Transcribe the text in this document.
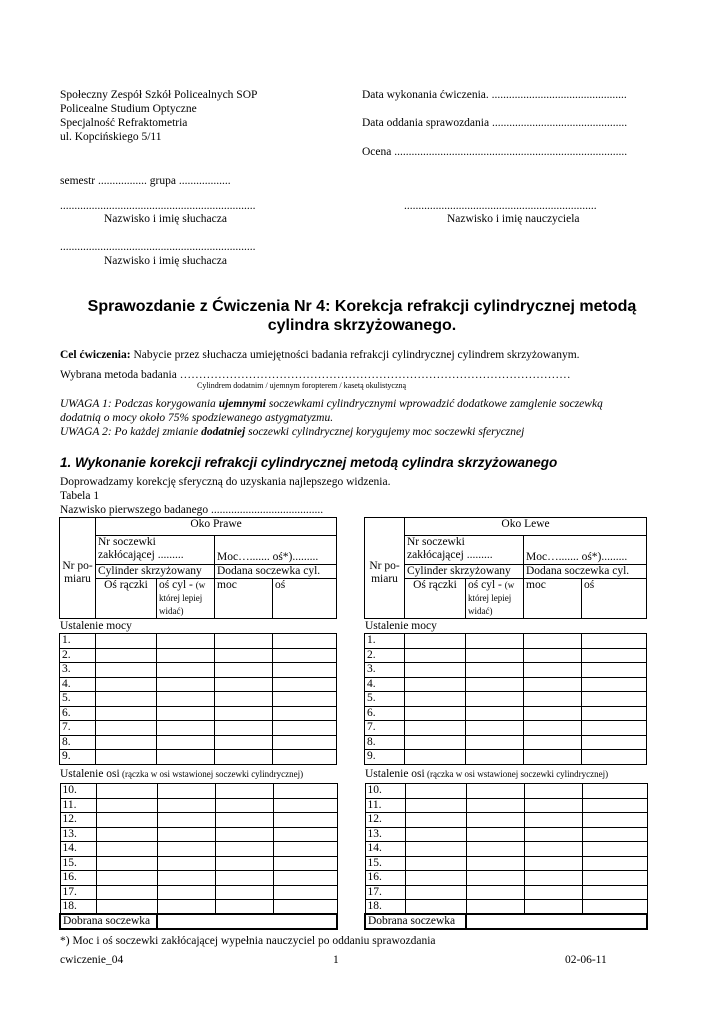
Społeczny Zespół Szkół Policealnych SOP
Policealne Studium Optyczne
Specjalność Refraktometria
ul. Kopcińskiego 5/11
Data wykonania ćwiczenia. ...............................................
Data oddania sprawozdania ...............................................
Ocena .................................................................................
semestr ................. grupa ..................
....................................................................
Nazwisko i imię słuchacza
...................................................................
Nazwisko i imię nauczyciela
....................................................................
Nazwisko i imię słuchacza
Sprawozdanie z Ćwiczenia Nr 4: Korekcja refrakcji cylindrycznej metodą
cylindra skrzyżowanego.
Cel ćwiczenia: Nabycie przez słuchacza umiejętności badania refrakcji cylindrycznej cylindrem skrzyżowanym.
Wybrana metoda badania …………………………………………………………………………………………
Cylindrem dodatnim / ujemnym foropterem / kasetą okulistyczną
UWAGA 1: Podczas korygowania ujemnymi soczewkami cylindrycznymi wprowadzić dodatkowe zamglenie soczewką
dodatnią o mocy około 75% spodziewanego astygmatyzmu.
UWAGA 2: Po każdej zmianie dodatniej soczewki cylindrycznej korygujemy moc soczewki sferycznej
1. Wykonanie korekcji refrakcji cylindrycznej metodą cylindra skrzyżowanego
Doprowadzamy korekcję sferyczną do uzyskania najlepszego widzenia.
Tabela 1
Nazwisko pierwszego badanego .......................................
Nr po-miaru	Oko Prawe			
	Nr soczewki zakłócającej .........		Moc…....... oś*).........	
	Cylinder skrzyżowany		Dodana soczewka cyl.	
	Oś rączki	oś cyl - (w której lepiej widać)	moc	oś
Nr po-miaru	Oko Lewe			
	Nr soczewki zakłócającej .........		Moc…....... oś*).........	
	Cylinder skrzyżowany		Dodana soczewka cyl.	
	Oś rączki	oś cyl - (w której lepiej widać)	moc	oś
Ustalenie mocy	Ustalenie mocy
1.				
2.				
3.				
4.				
5.				
6.				
7.				
8.				
9.				
1.				
2.				
3.				
4.				
5.				
6.				
7.				
8.				
9.				
Ustalenie osi (rączka w osi wstawionej soczewki cylindrycznej)	Ustalenie osi (rączka w osi wstawionej soczewki cylindrycznej)
10.				
11.				
12.				
13.				
14.				
15.				
16.				
17.				
18.				
Dobrana soczewka				
10.				
11.				
12.				
13.				
14.				
15.				
16.				
17.				
18.				
Dobrana soczewka				
*) Moc i oś soczewki zakłócającej wypełnia nauczyciel po oddaniu sprawozdania
cwiczenie_04	1	02-06-11
